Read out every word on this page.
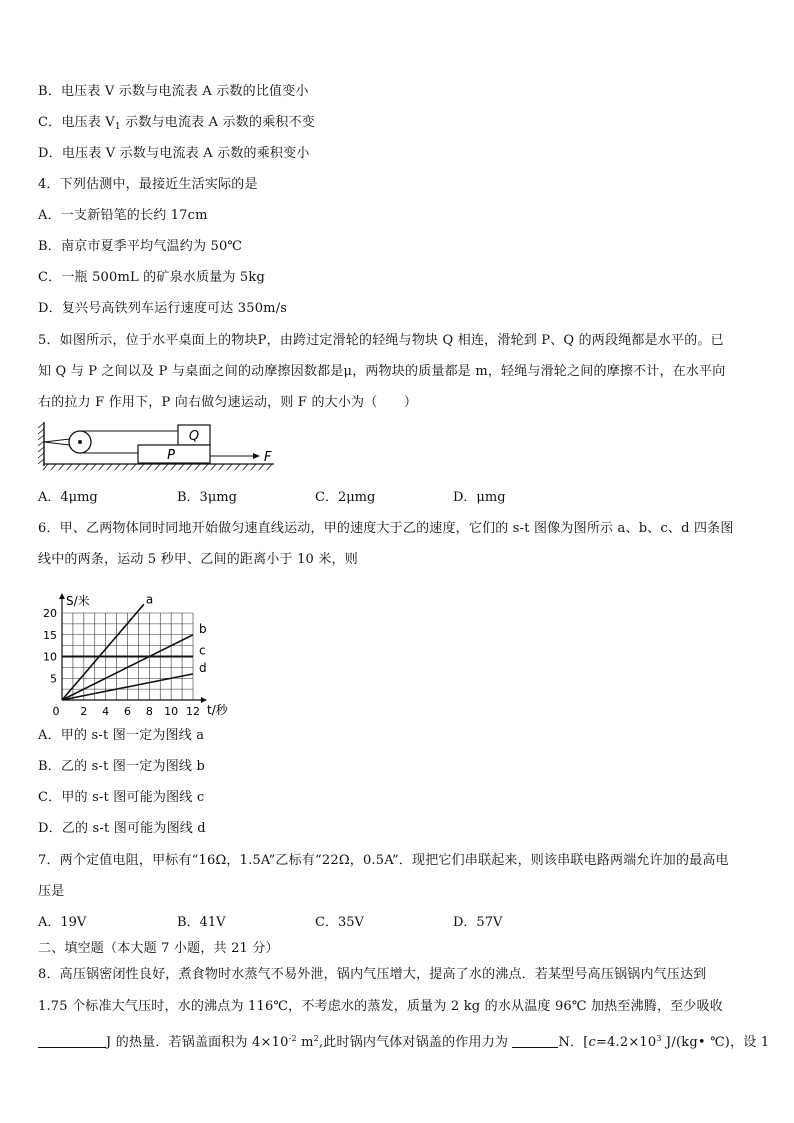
B．电压表 V 示数与电流表 A 示数的比值变小
C．电压表 $V_1$ 示数与电流表 A 示数的乘积不变
D．电压表 V 示数与电流表 A 示数的乘积变小
4．下列估测中，最接近生活实际的是
A．一支新铅笔的长约 17cm
B．南京市夏季平均气温约为 50℃
C．一瓶 500mL 的矿泉水质量为 5kg
D．复兴号高铁列车运行速度可达 350m/s
5．如图所示，位于水平桌面上的物块P，由跨过定滑轮的轻绳与物块 Q 相连，滑轮到 P、Q 的两段绳都是水平的。已
知 Q 与 P 之间以及 P 与桌面之间的动摩擦因数都是μ，两物块的质量都是 m，轻绳与滑轮之间的摩擦不计，在水平向
右的拉力 F 作用下，P 向右做匀速运动，则 F 的大小为（　　）
Q
P	F
A．4μmg	B．3μmg	C．2μmg	D．μmg
6．甲、乙两物体同时同地开始做匀速直线运动，甲的速度大于乙的速度，它们的 s-t 图像为图所示 a、b、c、d 四条图
线中的两条，运动 5 秒甲、乙间的距离小于 10 米，则
S/米
t/秒
0 2 4 6 8 10 12
5
10
15
20
a
b
c
d
A．甲的 s-t 图一定为图线 a
B．乙的 s-t 图一定为图线 b
C．甲的 s-t 图可能为图线 c
D．乙的 s-t 图可能为图线 d
7．两个定值电阻，甲标有“16Ω，1.5A”乙标有“22Ω，0.5A”．现把它们串联起来，则该串联电路两端允许加的最高电
压是
A．19V	B．41V	C．35V	D．57V
二、填空题（本大题 7 小题，共 21 分）
8．高压锅密闭性良好，煮食物时水蒸气不易外泄，锅内气压增大，提高了水的沸点．若某型号高压锅锅内气压达到
1.75 个标准大气压时，水的沸点为 116℃，不考虑水的蒸发，质量为 2 kg 的水从温度 96℃ 加热至沸腾，至少吸收
J 的热量．若锅盖面积为 $4\times 10^{-2}$ $m^2$,此时锅内气体对锅盖的作用力为	N．[$c=4.2\times 10^3$ J/(kg• ℃)，设 1
